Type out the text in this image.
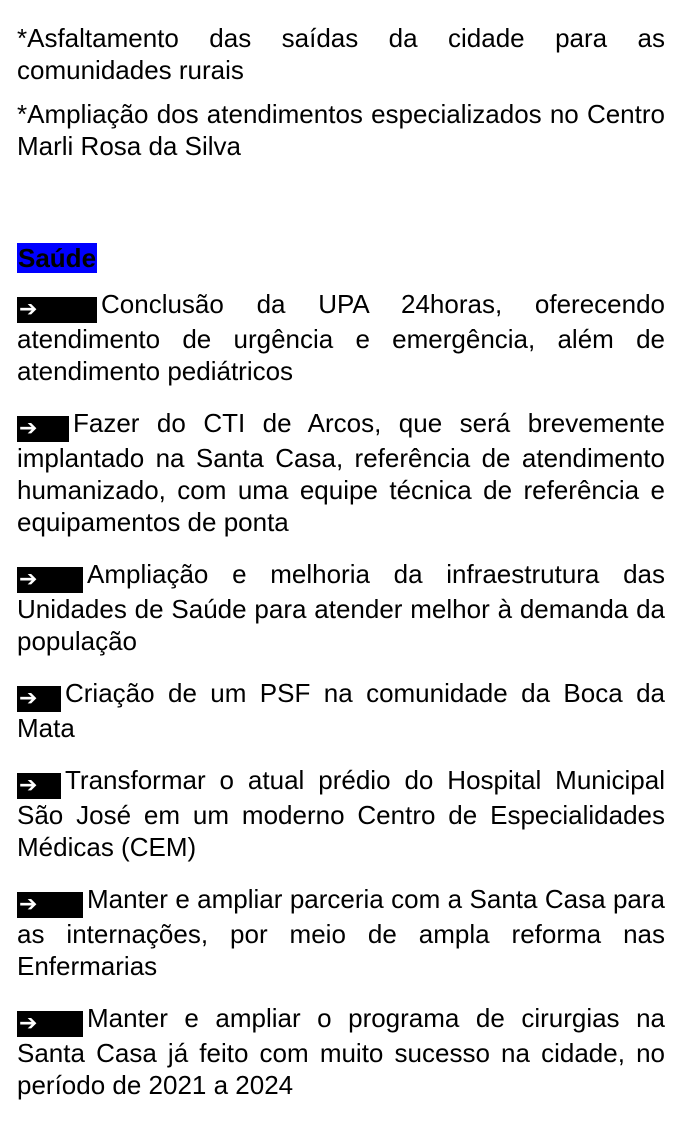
*Asfaltamento das saídas da cidade para as comunidades rurais

*Ampliação dos atendimentos especializados no Centro Marli Rosa da Silva

Saúde

➔ Conclusão da UPA 24horas, oferecendo atendimento de urgência e emergência, além de atendimento pediátricos

➔ Fazer do CTI de Arcos, que será brevemente implantado na Santa Casa, referência de atendimento humanizado, com uma equipe técnica de referência e equipamentos de ponta

➔ Ampliação e melhoria da infraestrutura das Unidades de Saúde para atender melhor à demanda da população

➔ Criação de um PSF na comunidade da Boca da Mata

➔ Transformar o atual prédio do Hospital Municipal São José em um moderno Centro de Especialidades Médicas (CEM)

➔ Manter e ampliar parceria com a Santa Casa para as internações, por meio de ampla reforma nas Enfermarias

➔ Manter e ampliar o programa de cirurgias na Santa Casa já feito com muito sucesso na cidade, no período de 2021 a 2024
